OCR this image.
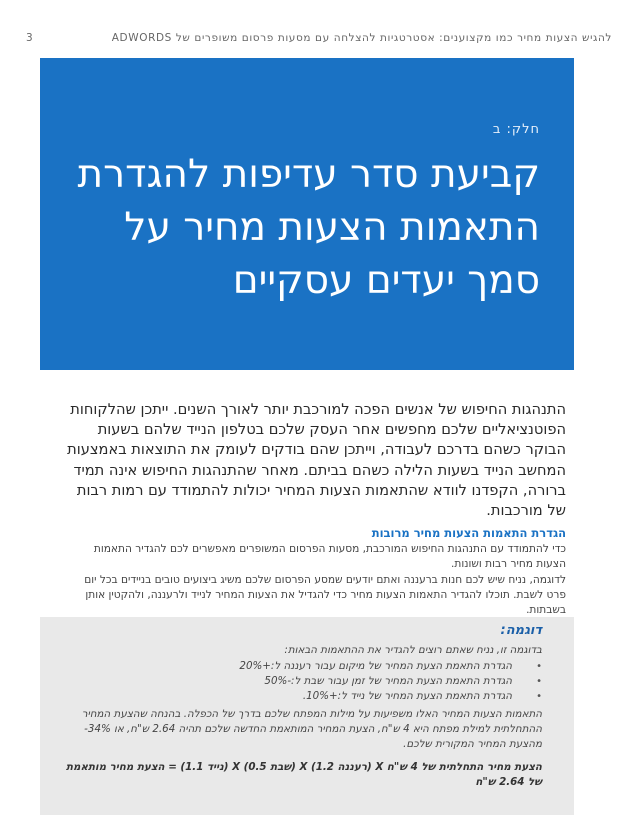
להגיש הצעות מחיר כמו מקצוענים: אסטרטגיות להצלחה עם מסעות פרסום משופרים של ADWORDS
3
חלק: ב
קביעת סדר עדיפות להגדרת התאמות הצעות מחיר על סמך יעדים עסקיים

התנהגות החיפוש של אנשים הפכה למורכבת יותר לאורך השנים. ייתכן שהלקוחות הפוטנציאליים שלכם מחפשים אחר העסק שלכם בטלפון הנייד שלהם בשעות הבוקר כשהם בדרכם לעבודה, וייתכן שהם בודקים לעומק את התוצאות באמצעות המחשב הנייד בשעות הלילה כשהם בביתם. מאחר שהתנהגות החיפוש אינה תמיד ברורה, הקפדנו לוודא שהתאמות הצעות המחיר יכולות להתמודד עם רמות רבות של מורכבות.

הגדרת התאמות הצעות מחיר מרובות

כדי להתמודד עם התנהגות החיפוש המורכבת, מסעות הפרסום המשופרים מאפשרים לכם להגדיר התאמות הצעות מחיר רבות ושונות.

לדוגמה, נניח שיש לכם חנות ברעננה ואתם יודעים שמסע הפרסום שלכם משיג ביצועים טובים בניידים בכל יום פרט לשבת. תוכלו להגדיר התאמות הצעות מחיר כדי להגדיל את הצעות המחיר לנייד ולרעננה, ולהקטין אותן בשבתות.

דוגמה:

בדוגמה זו, נניח שאתם רוצים להגדיר את ההתאמות הבאות:

•
הגדרת התאמת הצעת המחיר של מיקום עבור רעננה ל:+20%
•
הגדרת התאמת הצעת המחיר של זמן עבור שבת ל:-50%
•
הגדרת התאמת הצעת המחיר של נייד ל:+10%.

התאמות הצעות המחיר האלו משפיעות על מילות המפתח שלכם בדרך של הכפלה. בהנחה שהצעת המחיר ההתחלתית למילת מפתח היא 4 ש"ח, הצעת המחיר המותאמת החדשה שלכם תהיה 2.64 ש"ח, או 34%- מהצעת המחיר המקורית שלכם.

הצעת מחיר התחלתית של 4 ש"ח X (רעננה 1.2) X (שבת 0.5) X (נייד 1.1) = הצעת מחיר מותאמת של 2.64 ש"ח
